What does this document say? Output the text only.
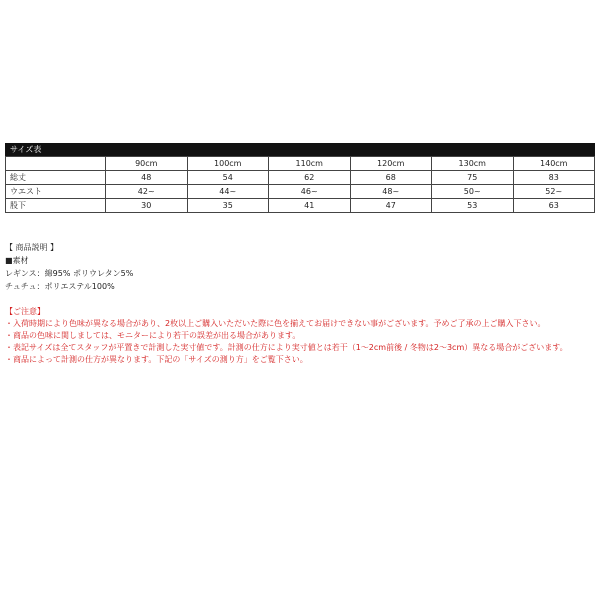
サイズ表
	90cm	100cm	110cm	120cm	130cm	140cm
総丈	48	54	62	68	75	83
ウエスト	42~	44~	46~	48~	50~	52~
股下	30	35	41	47	53	63
【 商品説明 】
■素材
レギンス：綿95% ポリウレタン5%
チュチュ：ポリエステル100%
【ご注意】
・入荷時期により色味が異なる場合があり、2枚以上ご購入いただいた際に色を揃えてお届けできない事がございます。予めご了承の上ご購入下さい。
・商品の色味に関しましては、モニターにより若干の誤差が出る場合があります。
・表記サイズは全てスタッフが平置きで計測した実寸値です。計測の仕方により実寸値とは若干（1〜2cm前後 / 冬物は2〜3cm）異なる場合がございます。
・商品によって計測の仕方が異なります。下記の「サイズの測り方」をご覧下さい。
